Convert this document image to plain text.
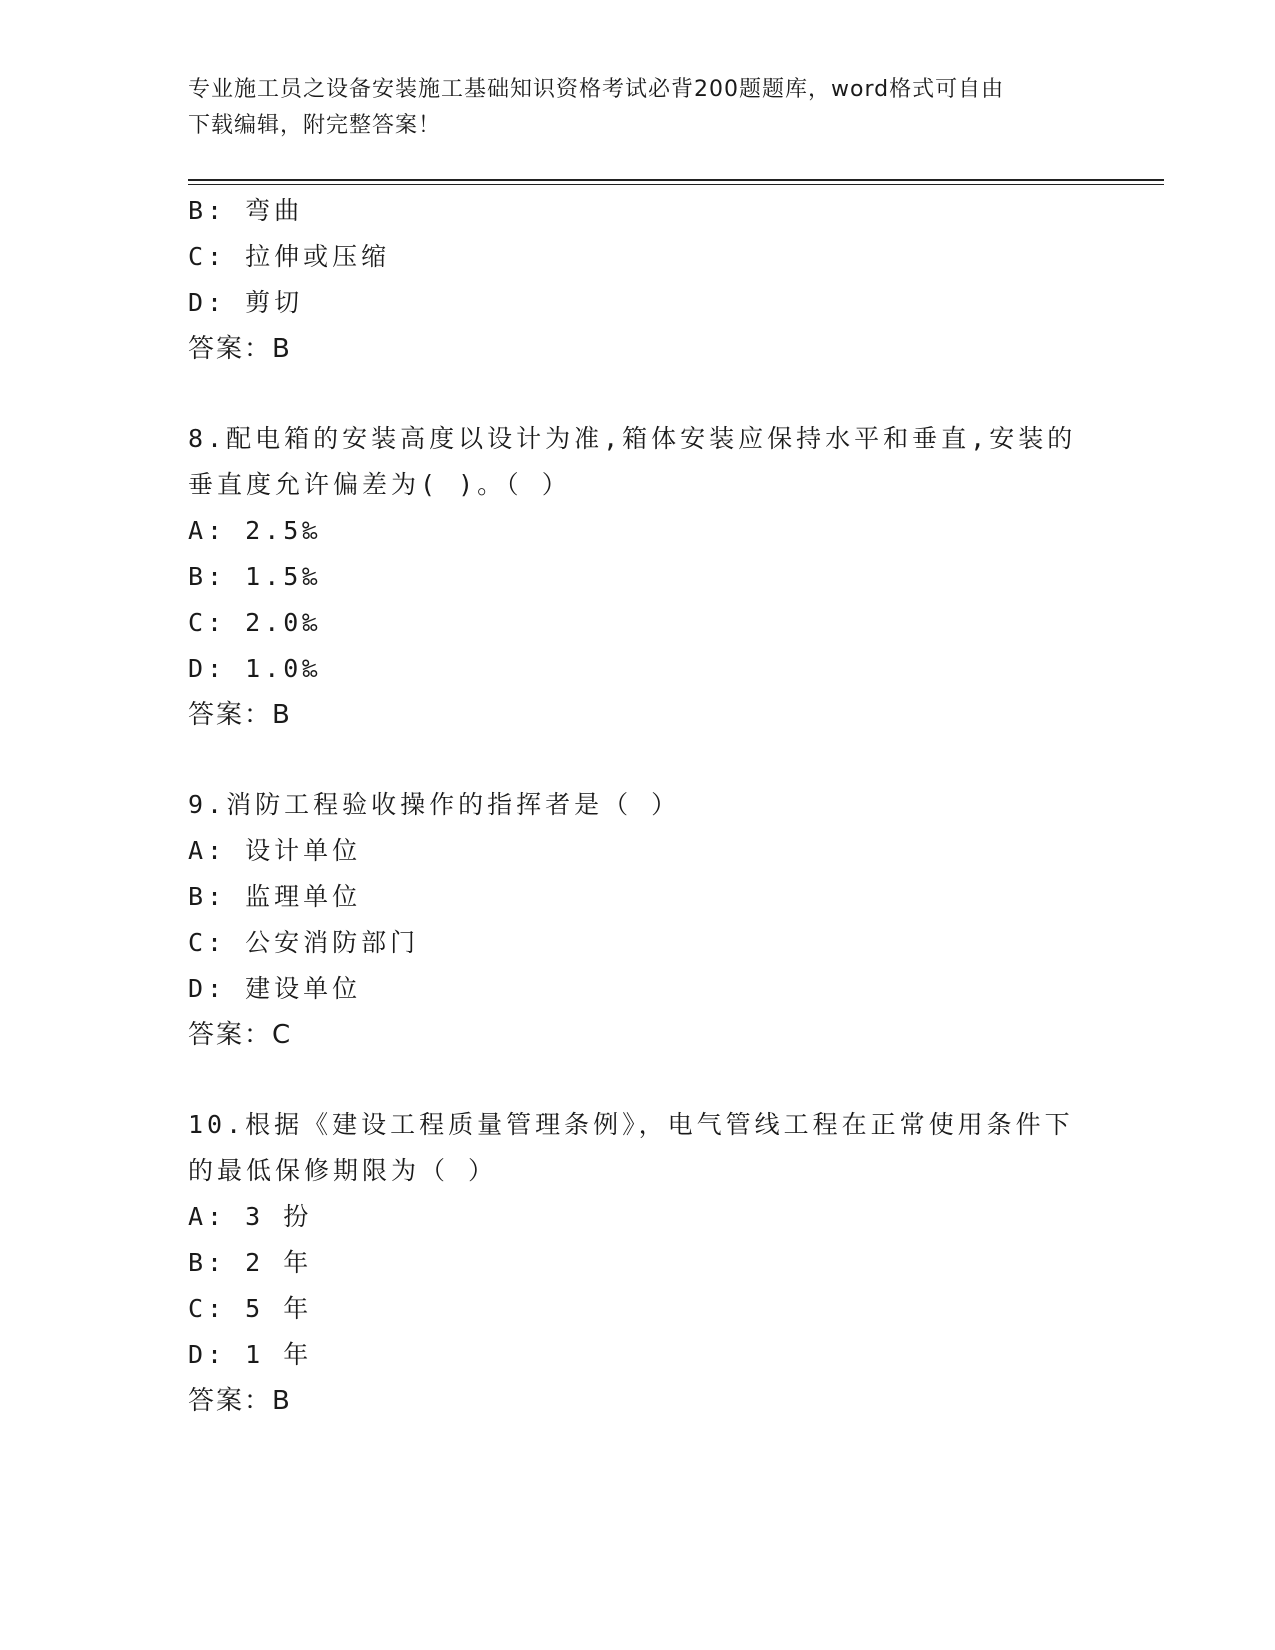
专业施工员之设备安装施工基础知识资格考试必背200题题库，word格式可自由
下载编辑，附完整答案！
B: 弯曲
C: 拉伸或压缩
D: 剪切
答案：B
8.配电箱的安装高度以设计为准,箱体安装应保持水平和垂直,安装的
垂直度允许偏差为( )。（ ）
A: 2.5‰
B: 1.5‰
C: 2.0‰
D: 1.0‰
答案：B
9.消防工程验收操作的指挥者是（ ）
A: 设计单位
B: 监理单位
C: 公安消防部门
D: 建设单位
答案：C
10.根据《建设工程质量管理条例》，电气管线工程在正常使用条件下
的最低保修期限为（ ）
A: 3 扮
B: 2 年
C: 5 年
D: 1 年
答案：B
